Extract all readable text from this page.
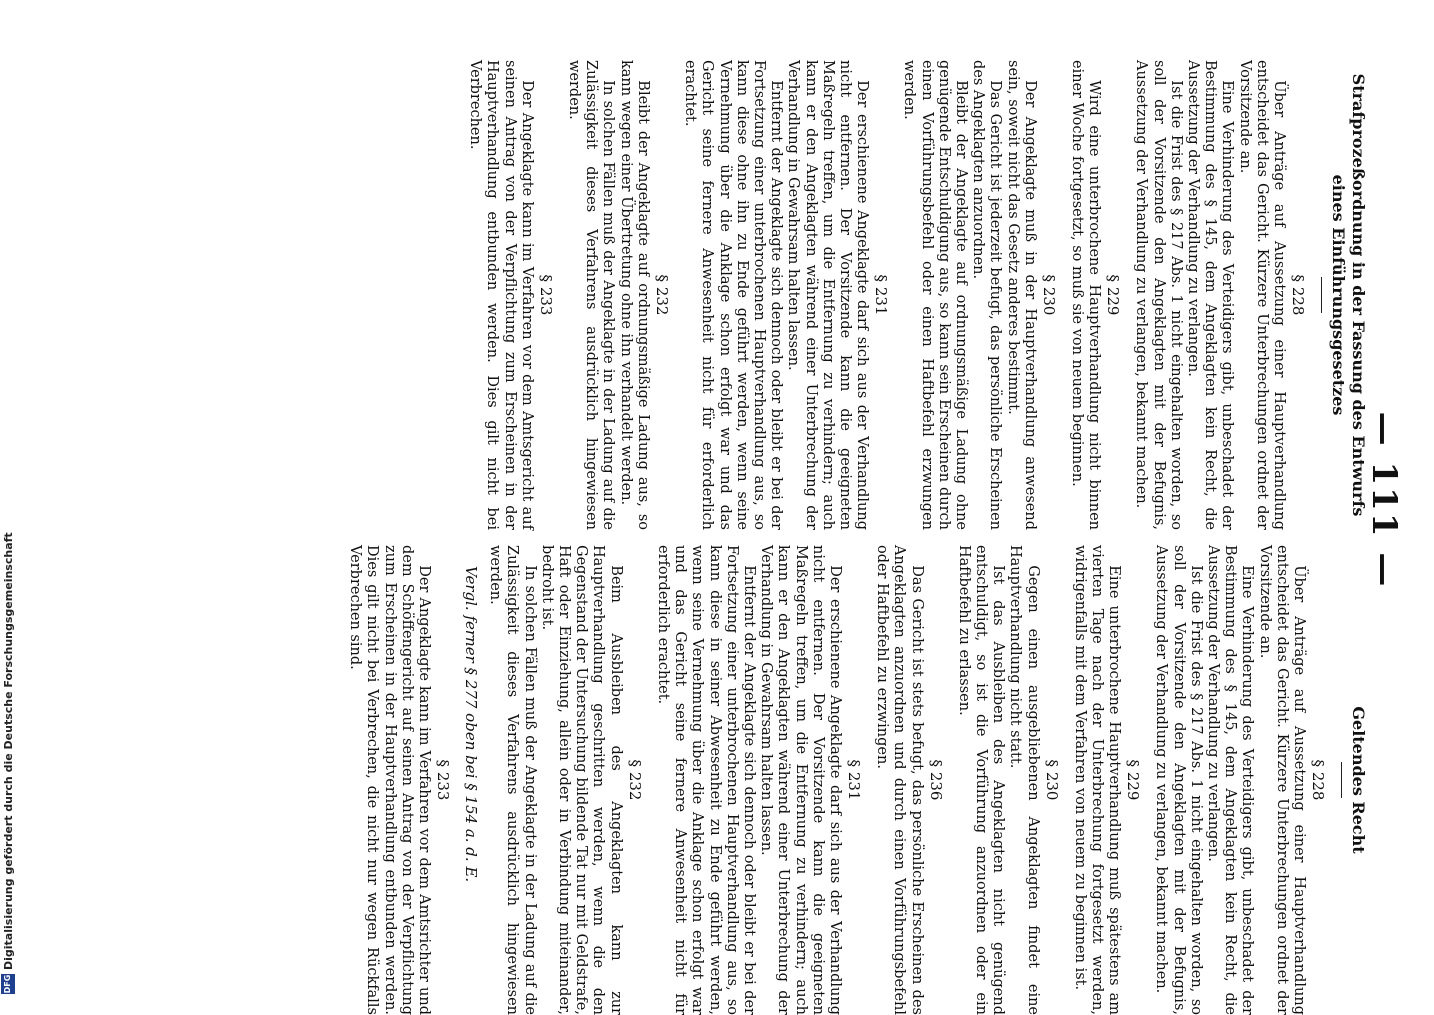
— 111 —
Strafprozeßordnung in der Fassung des Entwurfs eines Einführungsgesetzes
§ 228

Über Anträge auf Aussetzung einer Hauptverhandlung entscheidet das Gericht. Kürzere Unterbrechungen ordnet der Vorsitzende an.

Eine Verhinderung des Verteidigers gibt, unbeschadet der Bestimmung des § 145, dem Angeklagten kein Recht, die Aussetzung der Verhandlung zu verlangen.

Ist die Frist des § 217 Abs. 1 nicht eingehalten worden, so soll der Vorsitzende den Angeklagten mit der Befugnis, Aussetzung der Verhandlung zu verlangen, bekannt machen.

§ 229

Wird eine unterbrochene Hauptverhandlung nicht binnen einer Woche fortgesetzt, so muß sie von neuem beginnen.

§ 230

Der Angeklagte muß in der Hauptverhandlung anwesend sein, soweit nicht das Gesetz anderes bestimmt.

Das Gericht ist jederzeit befugt, das persönliche Erscheinen des Angeklagten anzuordnen.

Bleibt der Angeklagte auf ordnungsmäßige Ladung ohne genügende Entschuldigung aus, so kann sein Erscheinen durch einen Vorführungsbefehl oder einen Haftbefehl erzwungen werden.

§ 231

Der erschienene Angeklagte darf sich aus der Verhandlung nicht entfernen. Der Vorsitzende kann die geeigneten Maßregeln treffen, um die Entfernung zu verhindern; auch kann er den Angeklagten während einer Unterbrechung der Verhandlung in Gewahrsam halten lassen.

Entfernt der Angeklagte sich dennoch oder bleibt er bei der Fortsetzung einer unterbrochenen Hauptverhandlung aus, so kann diese ohne ihn zu Ende geführt werden, wenn seine Vernehmung über die Anklage schon erfolgt war und das Gericht seine fernere Anwesenheit nicht für erforderlich erachtet.

§ 232

Bleibt der Angeklagte auf ordnungsmäßige Ladung aus, so kann wegen einer Übertretung ohne ihn verhandelt werden.

In solchen Fällen muß der Angeklagte in der Ladung auf die Zulässigkeit dieses Verfahrens ausdrücklich hingewiesen werden.

§ 233

Der Angeklagte kann im Verfahren vor dem Amtsgericht auf seinen Antrag von der Verpflichtung zum Erscheinen in der Hauptverhandlung entbunden werden. Dies gilt nicht bei Verbrechen.

Geltendes Recht
§ 228

Über Anträge auf Aussetzung einer Hauptverhandlung entscheidet das Gericht. Kürzere Unterbrechungen ordnet der Vorsitzende an.

Eine Verhinderung des Verteidigers gibt, unbeschadet der Bestimmung des § 145, dem Angeklagten kein Recht, die Aussetzung der Verhandlung zu verlangen.

Ist die Frist des § 217 Abs. 1 nicht eingehalten worden, so soll der Vorsitzende den Angeklagten mit der Befugnis, Aussetzung der Verhandlung zu verlangen, bekannt machen.

§ 229

Eine unterbrochene Hauptverhandlung muß spätestens am vierten Tage nach der Unterbrechung fortgesetzt werden, widrigenfalls mit dem Verfahren von neuem zu beginnen ist.

§ 230

Gegen einen ausgebliebenen Angeklagten findet eine Hauptverhandlung nicht statt.

Ist das Ausbleiben des Angeklagten nicht genügend entschuldigt, so ist die Vorführung anzuordnen oder ein Haftbefehl zu erlassen.

§ 236

Das Gericht ist stets befugt, das persönliche Erscheinen des Angeklagten anzuordnen und durch einen Vorführungsbefehl oder Haftbefehl zu erzwingen.

§ 231

Der erschienene Angeklagte darf sich aus der Verhandlung nicht entfernen. Der Vorsitzende kann die geeigneten Maßregeln treffen, um die Entfernung zu verhindern; auch kann er den Angeklagten während einer Unterbrechung der Verhandlung in Gewahrsam halten lassen.

Entfernt der Angeklagte sich dennoch oder bleibt er bei der Fortsetzung einer unterbrochenen Hauptverhandlung aus, so kann diese in seiner Abwesenheit zu Ende geführt werden, wenn seine Vernehmung über die Anklage schon erfolgt war und das Gericht seine fernere Anwesenheit nicht für erforderlich erachtet.

§ 232

Beim Ausbleiben des Angeklagten kann zur Hauptverhandlung geschritten werden, wenn die den Gegenstand der Untersuchung bildende Tat nur mit Geldstrafe, Haft oder Einziehung, allein oder in Verbindung miteinander, bedroht ist.

In solchen Fällen muß der Angeklagte in der Ladung auf die Zulässigkeit dieses Verfahrens ausdrücklich hingewiesen werden.

Vergl. ferner § 277 oben bei § 154 a. d. E.
§ 233

Der Angeklagte kann im Verfahren vor dem Amtsrichter und dem Schöffengericht auf seinen Antrag von der Verpflichtung zum Erscheinen in der Hauptverhandlung entbunden werden. Dies gilt nicht bei Verbrechen, die nicht nur wegen Rückfalls Verbrechen sind.

DFG
Digitalisierung gefördert durch die Deutsche Forschungsgemeinschaft
